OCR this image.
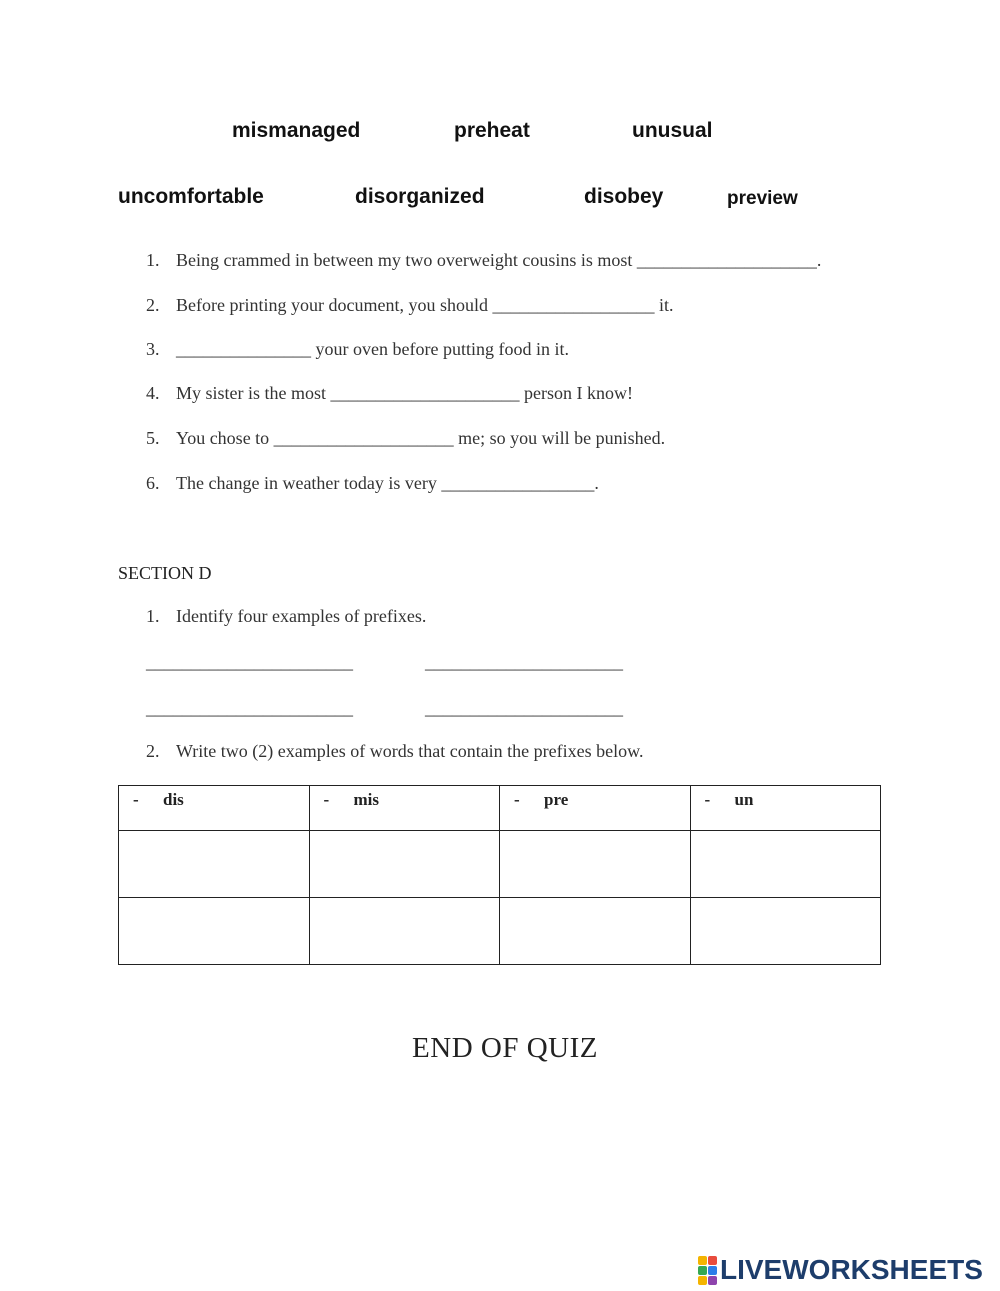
mismanaged	preheat	unusual
uncomfortable	disorganized	disobey	preview
1. Being crammed in between my two overweight cousins is most ____________________.
2. Before printing your document, you should __________________ it.
3. _______________ your oven before putting food in it.
4. My sister is the most _____________________ person I know!
5. You chose to ____________________ me; so you will be punished.
6. The change in weather today is very _________________.
SECTION D
1. Identify four examples of prefixes.
_______________________	______________________
_______________________	______________________
2. Write two (2) examples of words that contain the prefixes below.
- dis	- mis	- pre	- un

END OF QUIZ
LIVEWORKSHEETS
